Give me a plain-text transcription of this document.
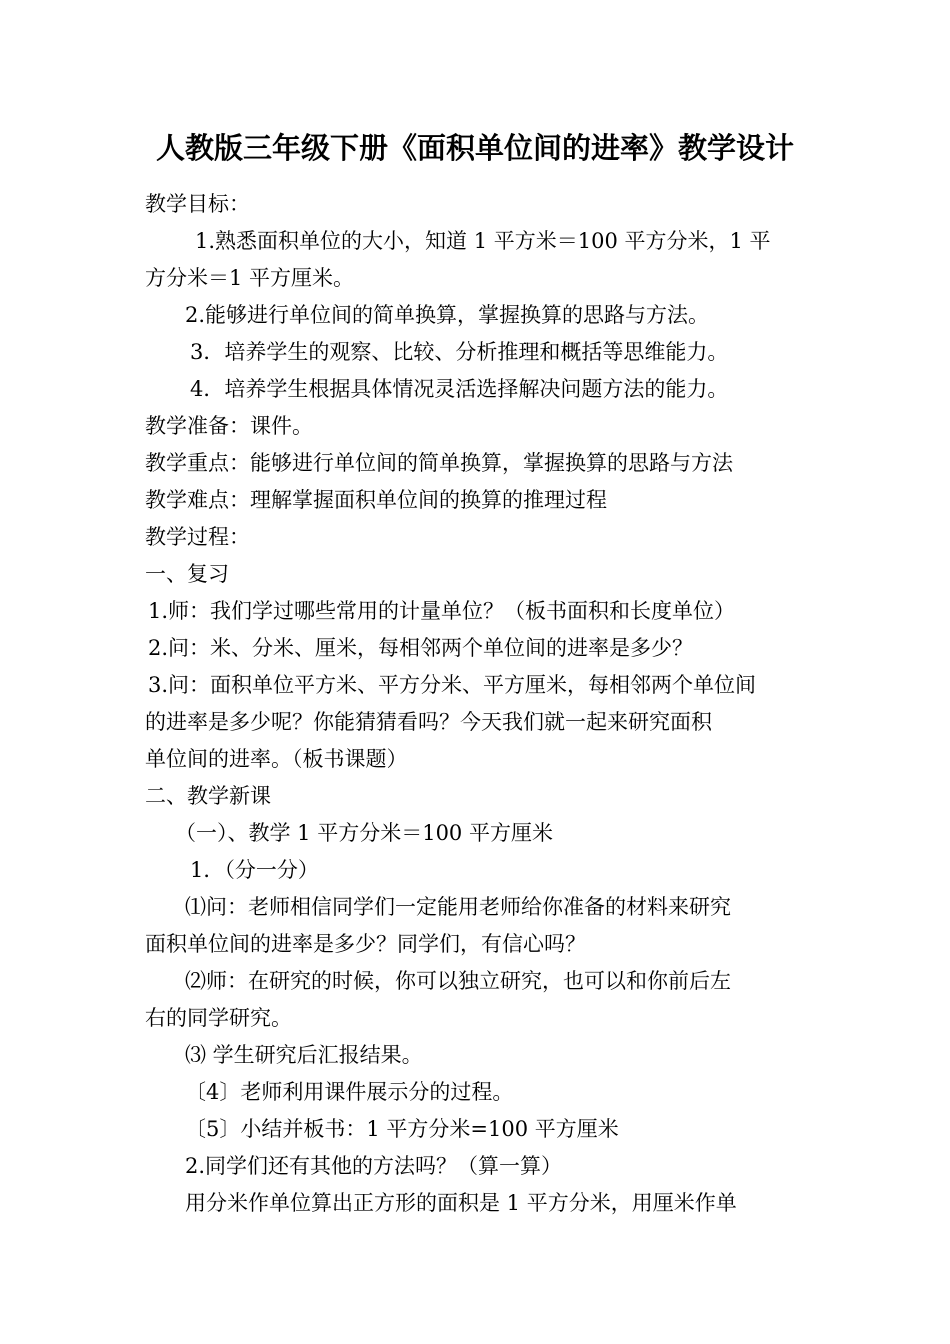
人教版三年级下册《面积单位间的进率》教学设计
教学目标：
1.熟悉面积单位的大小，知道 1 平方米＝100 平方分米，1 平
方分米＝1 平方厘米。
2.能够进行单位间的简单换算，掌握换算的思路与方法。
3．培养学生的观察、比较、分析推理和概括等思维能力。
4．培养学生根据具体情况灵活选择解决问题方法的能力。
教学准备：课件。
教学重点：能够进行单位间的简单换算，掌握换算的思路与方法
教学难点：理解掌握面积单位间的换算的推理过程
教学过程：
一、复习
1.师：我们学过哪些常用的计量单位？（板书面积和长度单位）
2.问：米、分米、厘米，每相邻两个单位间的进率是多少？
3.问：面积单位平方米、平方分米、平方厘米，每相邻两个单位间
的进率是多少呢？你能猜猜看吗？今天我们就一起来研究面积
单位间的进率。（板书课题）
二、教学新课
（一）、教学 1 平方分米＝100 平方厘米
1．（分一分）
⑴问：老师相信同学们一定能用老师给你准备的材料来研究
面积单位间的进率是多少？同学们，有信心吗？
⑵师：在研究的时候，你可以独立研究，也可以和你前后左
右的同学研究。
⑶ 学生研究后汇报结果。
〔4〕老师利用课件展示分的过程。
〔5〕小结并板书：1 平方分米=100 平方厘米
2.同学们还有其他的方法吗？（算一算）
用分米作单位算出正方形的面积是 1 平方分米，用厘米作单
